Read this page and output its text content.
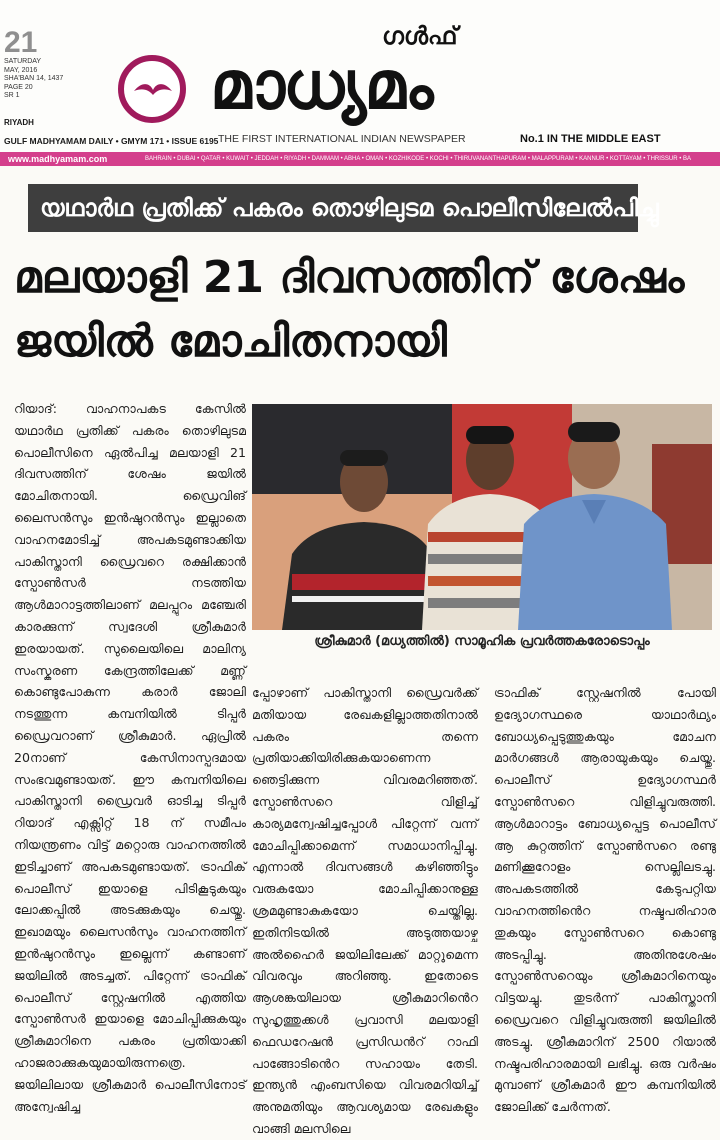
21
SATURDAY
MAY, 2016
SHA'BAN 14, 1437
PAGE 20
SR 1
RIYADH
ഗൾഫ്
മാധ്യമം
GULF MADHYAMAM DAILY • GMYM 171 • ISSUE 6195 THE FIRST INTERNATIONAL INDIAN NEWSPAPER	No.1 IN THE MIDDLE EAST
www.madhyamam.com	BAHRAIN • DUBAI • QATAR • KUWAIT • JEDDAH • RIYADH • DAMMAM • ABHA • OMAN • KOZHIKODE • KOCHI • THIRUVANANTHAPURAM • MALAPPURAM • KANNUR • KOTTAYAM • THRISSUR • BA
യഥാർഥ പ്രതിക്ക് പകരം തൊഴിലുടമ പൊലീസിലേൽപിച്ചു
മലയാളി 21 ദിവസത്തിന് ശേഷം ജയിൽ മോചിതനായി
റിയാദ്: വാഹനാപകട കേസിൽ യഥാർഥ പ്രതിക്ക് പകരം തൊഴിലുടമ പൊലീസിനെ ഏൽപിച്ച മലയാളി 21 ദിവസത്തിന് ശേഷം ജയിൽ മോചിതനായി. ഡ്രൈവിങ് ലൈസൻസും ഇൻഷുറൻസും ഇല്ലാതെ വാഹനമോടിച്ച് അപകടമുണ്ടാക്കിയ പാകിസ്താനി ഡ്രൈവറെ രക്ഷിക്കാൻ സ്പോൺസർ നടത്തിയ ആൾമാറാട്ടത്തിലാണ് മലപ്പുറം മഞ്ചേരി കാരക്കുന്ന് സ്വദേശി ശ്രീകുമാർ ഇരയായത്. സുലൈയിലെ മാലിന്യ സംസ്കരണ കേന്ദ്രത്തിലേക്ക് മണ്ണ് കൊണ്ടുപോകുന്ന കരാർ ജോലി നടത്തുന്ന കമ്പനിയിൽ ടിപ്പർ ഡ്രൈവറാണ് ശ്രീകുമാർ. ഏപ്രിൽ 20നാണ് കേസിനാസ്പദമായ സംഭവമുണ്ടായത്. ഈ കമ്പനിയിലെ പാകിസ്താനി ഡ്രൈവർ ഓടിച്ച ടിപ്പർ റിയാദ് എക്സിറ്റ് 18 ന് സമീപം നിയന്ത്രണം വിട്ട് മറ്റൊരു വാഹനത്തിൽ ഇടിച്ചാണ് അപകടമുണ്ടായത്. ട്രാഫിക് പൊലീസ് ഇയാളെ പിടികൂടുകയും ലോക്കപ്പിൽ അടക്കുകയും ചെയ്തു. ഇഖാമയും ലൈസൻസും വാഹനത്തിന് ഇൻഷുറൻസും ഇല്ലെന്ന് കണ്ടാണ് ജയിലിൽ അടച്ചത്. പിറ്റേന്ന് ട്രാഫിക് പൊലീസ് സ്റ്റേഷനിൽ എത്തിയ സ്പോൺസർ ഇയാളെ മോചിപ്പിക്കുകയും ശ്രീകുമാറിനെ പകരം പ്രതിയാക്കി ഹാജരാക്കുകയുമായിരുന്നത്രെ. ജയിലിലായ ശ്രീകുമാർ പൊലീസിനോട് അന്വേഷിച്ച
ശ്രീകുമാർ (മധ്യത്തിൽ) സാമൂഹിക പ്രവർത്തകരോടൊപ്പം
പ്പോഴാണ് പാകിസ്താനി ഡ്രൈവർക്ക് മതിയായ രേഖകളില്ലാത്തതിനാൽ പകരം തന്നെ പ്രതിയാക്കിയിരിക്കുകയാണെന്ന ഞെട്ടിക്കുന്ന വിവരമറിഞ്ഞത്. സ്പോൺസറെ വിളിച്ച് കാര്യമന്വേഷിച്ചപ്പോൾ പിറ്റേന്ന് വന്ന് മോചിപ്പിക്കാമെന്ന് സമാധാനിപ്പിച്ചു. എന്നാൽ ദിവസങ്ങൾ കഴിഞ്ഞിട്ടും വരുകയോ മോചിപ്പിക്കാനുള്ള ശ്രമമുണ്ടാകുകയോ ചെയ്തില്ല. ഇതിനിടയിൽ അടുത്തയാഴ്ച അൽഹൈർ ജയിലിലേക്ക് മാറ്റുമെന്ന വിവരവും അറിഞ്ഞു. ഇതോടെ ആശങ്കയിലായ ശ്രീകുമാറിൻെറ സുഹൃത്തുക്കൾ പ്രവാസി മലയാളി ഫെഡറേഷൻ പ്രസിഡൻറ് റാഫി പാങ്ങോടിൻെറ സഹായം തേടി. ഇന്ത്യൻ എംബസിയെ വിവരമറിയിച്ച് അനുമതിയും ആവശ്യമായ രേഖകളും വാങ്ങി മലസിലെ
ട്രാഫിക് സ്റ്റേഷനിൽ പോയി ഉദ്യോഗസ്ഥരെ യാഥാർഥ്യം ബോധ്യപ്പെടുത്തുകയും മോചന മാർഗങ്ങൾ ആരായുകയും ചെയ്തു. പൊലീസ് ഉദ്യോഗസ്ഥർ സ്പോൺസറെ വിളിച്ചുവരുത്തി. ആൾമാറാട്ടം ബോധ്യപ്പെട്ട പൊലീസ് ആ കുറ്റത്തിന് സ്പോൺസറെ രണ്ടു മണിക്കൂറോളം സെല്ലിലടച്ചു. അപകടത്തിൽ കേടുപറ്റിയ വാഹനത്തിൻെറ നഷ്ടപരിഹാര തുകയും സ്പോൺസറെ കൊണ്ടു അടപ്പിച്ചു. അതിനുശേഷം സ്പോൺസറെയും ശ്രീകുമാറിനെയും വിട്ടയച്ചു. തുടർന്ന് പാകിസ്താനി ഡ്രൈവറെ വിളിച്ചുവരുത്തി ജയിലിൽ അടച്ചു. ശ്രീകുമാറിന് 2500 റിയാൽ നഷ്ടപരിഹാരമായി ലഭിച്ചു. ഒരു വർഷം മുമ്പാണ് ശ്രീകുമാർ ഈ കമ്പനിയിൽ ജോലിക്ക് ചേർന്നത്.
